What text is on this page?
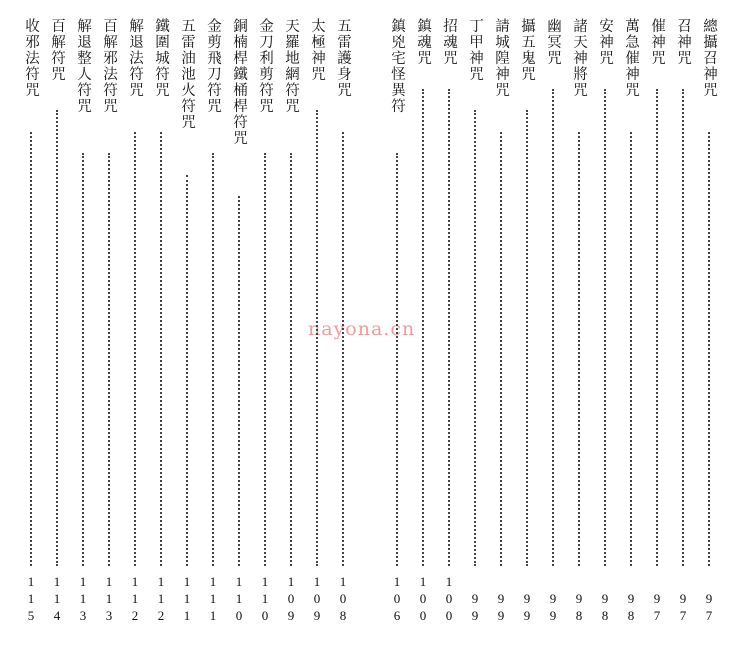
nayona.cn
總攝召神咒
9
7
召神咒
9
7
催神咒
9
7
萬急催神咒
9
8
安神咒
9
8
諸天神將咒
9
8
幽冥咒
9
9
攝五鬼咒
9
9
請城隍神咒
9
9
丁甲神咒
9
9
招魂咒
1
0
0
鎮魂咒
1
0
0
鎮兇宅怪異符
1
0
6
五雷護身咒
1
0
8
太極神咒
1
0
9
天羅地網符咒
1
0
9
金刀利剪符咒
1
1
0
銅楠桿鐵桶桿符咒
1
1
0
金剪飛刀符咒
1
1
1
五雷油池火符咒
1
1
1
鐵圍城符咒
1
1
2
解退法符咒
1
1
2
百解邪法符咒
1
1
3
解退整人符咒
1
1
3
百解符咒
1
1
4
收邪法符咒
1
1
5
